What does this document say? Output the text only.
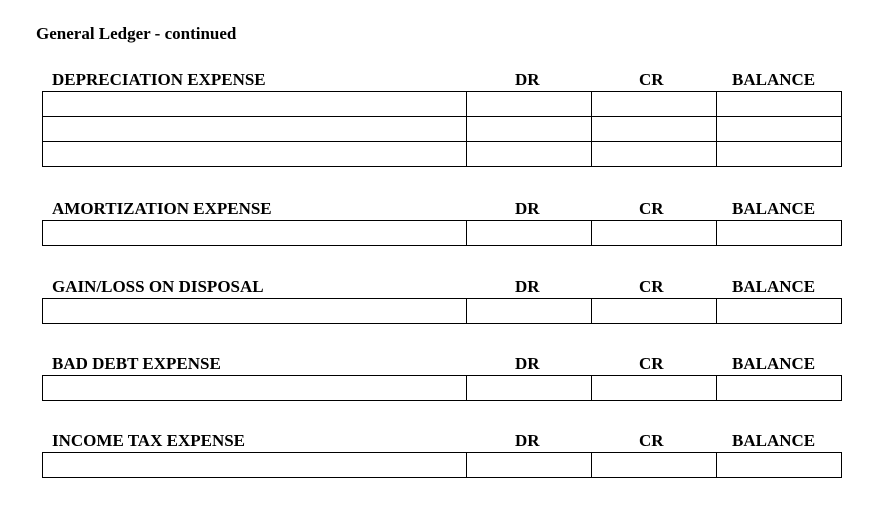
General Ledger - continued
DEPRECIATION EXPENSE	DR	CR	BALANCE

AMORTIZATION EXPENSE	DR	CR	BALANCE

GAIN/LOSS ON DISPOSAL	DR	CR	BALANCE

BAD DEBT EXPENSE	DR	CR	BALANCE

INCOME TAX EXPENSE	DR	CR	BALANCE
